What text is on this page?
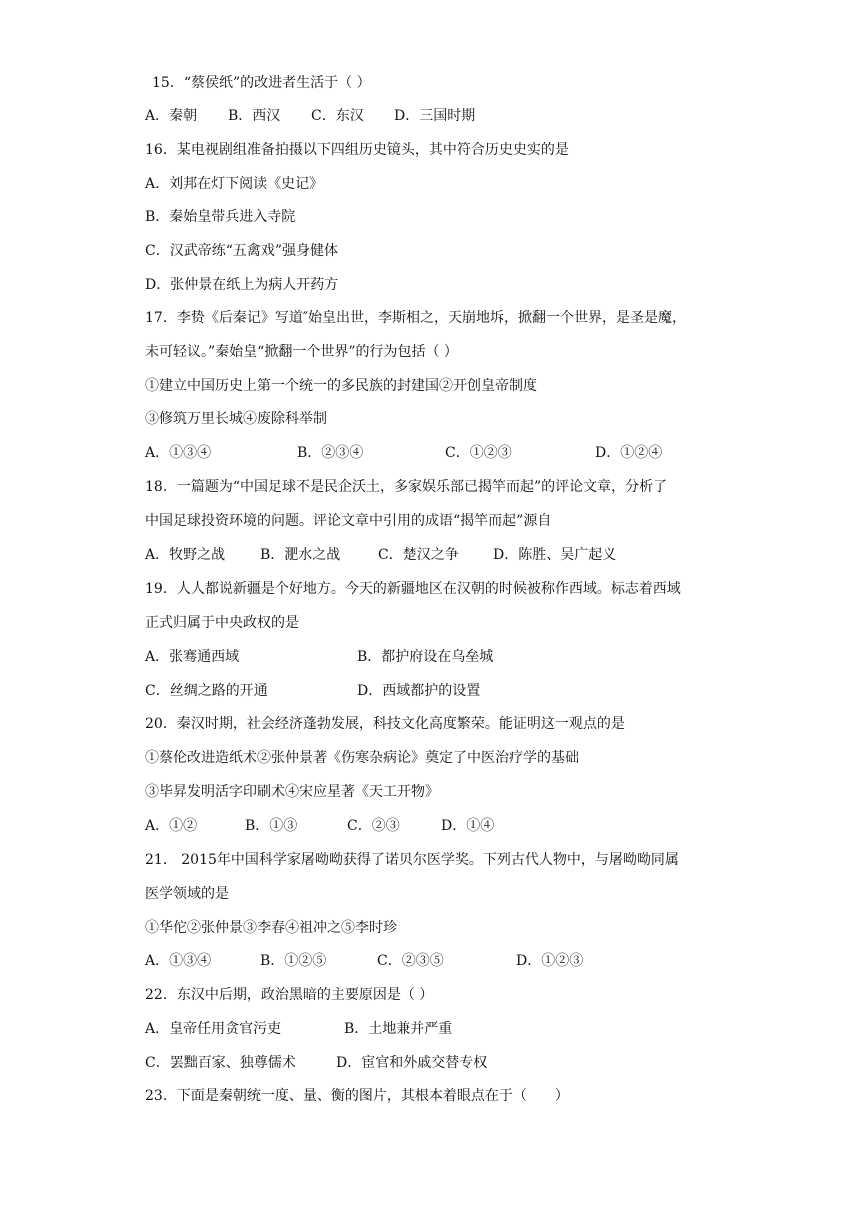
15．“蔡侯纸”的改进者生活于（ ）
A．秦朝 B．西汉 C．东汉 D．三国时期
16．某电视剧组准备拍摄以下四组历史镜头，其中符合历史史实的是
A．刘邦在灯下阅读《史记》
B．秦始皇带兵进入寺院
C．汉武帝练“五禽戏”强身健体
D．张仲景在纸上为病人开药方
17．李贽《后秦记》写道″始皇出世，李斯相之，天崩地坼，掀翻一个世界，是圣是魔，
未可轻议。”秦始皇“掀翻一个世界”的行为包括（ ）
①建立中国历史上第一个统一的多民族的封建国②开创皇帝制度
③修筑万里长城④废除科举制
A．①③④	B．②③④	C．①②③	D．①②④
18．一篇题为“中国足球不是民企沃土，多家娱乐部已揭竿而起”的评论文章，分析了
中国足球投资环境的问题。评论文章中引用的成语“揭竿而起”源自
A．牧野之战 B．淝水之战	C．楚汉之争 D．陈胜、吴广起义
19．人人都说新疆是个好地方。今天的新疆地区在汉朝的时候被称作西域。标志着西域
正式归属于中央政权的是
A．张骞通西域	B．都护府设在乌垒城
C．丝绸之路的开通	D．西域都护的设置
20．秦汉时期，社会经济蓬勃发展，科技文化高度繁荣。能证明这一观点的是
①蔡伦改进造纸术②张仲景著《伤寒杂病论》奠定了中医治疗学的基础
③毕昇发明活字印刷术④宋应星著《天工开物》
A．①②	B．①③	C．②③	D．①④
21． 2015年中国科学家屠呦呦获得了诺贝尔医学奖。下列古代人物中，与屠呦呦同属
医学领域的是
①华佗②张仲景③李春④祖冲之⑤李时珍
A．①③④	B．①②⑤	C．②③⑤	D．①②③
22．东汉中后期，政治黑暗的主要原因是（ ）
A．皇帝任用贪官污吏	B．土地兼并严重
C．罢黜百家、独尊儒术	D．宦官和外戚交替专权
23．下面是秦朝统一度、量、衡的图片，其根本着眼点在于（　　）
